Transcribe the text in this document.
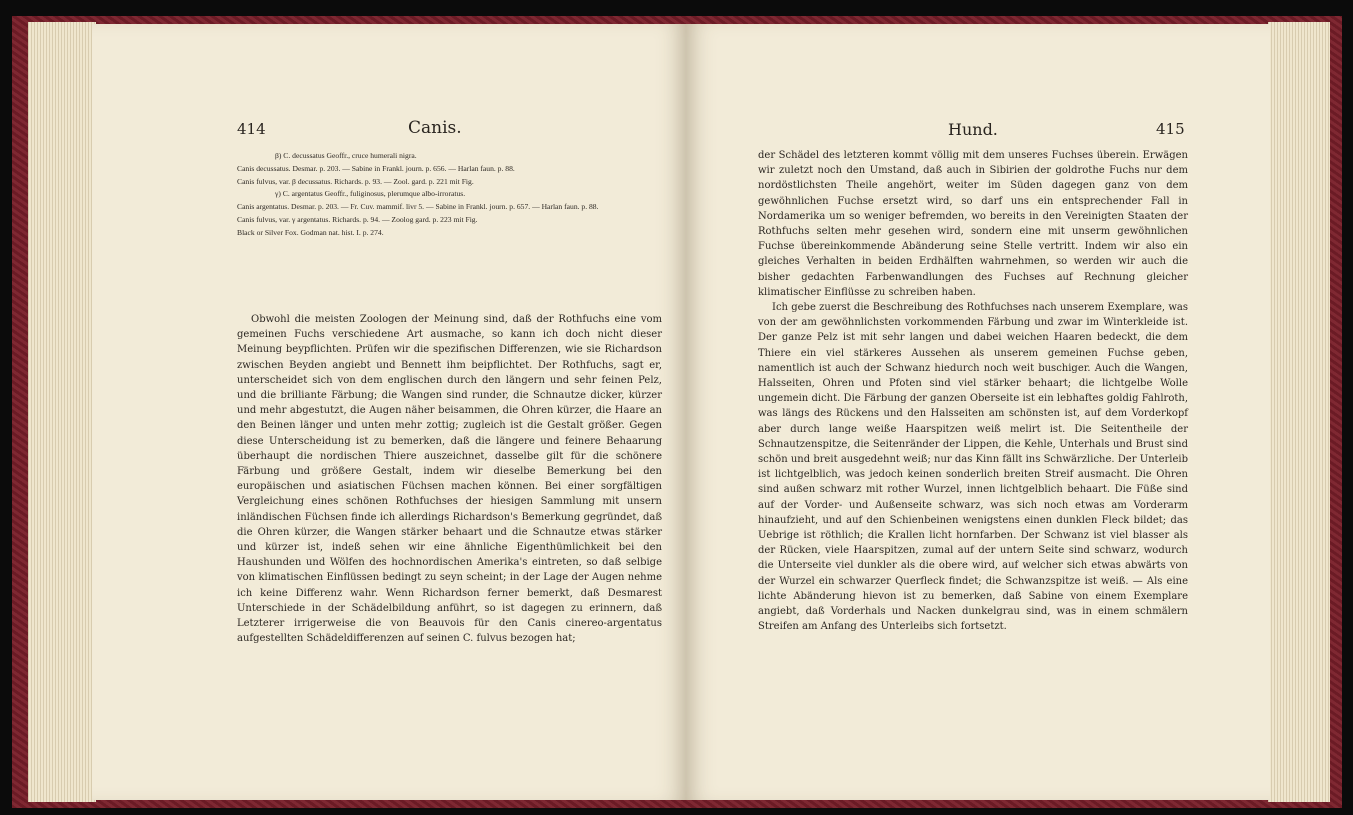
414	Canis.

β) C. decussatus Geoffr., cruce humerali nigra.

Canis decussatus. Desmar. p. 203. — Sabine in Frankl. journ. p. 656. — Harlan faun. p. 88.

Canis fulvus, var. β decussatus. Richards. p. 93. — Zool. gard. p. 221 mit Fig.

γ) C. argentatus Geoffr., fuliginosus, plerumque albo-irroratus.

Canis argentatus. Desmar. p. 203. — Fr. Cuv. mammif. livr 5. — Sabine in Frankl. journ. p. 657. — Harlan faun. p. 88.

Canis fulvus, var. γ argentatus. Richards. p. 94. — Zoolog gard. p. 223 mit Fig.

Black or Silver Fox. Godman nat. hist. I. p. 274.

Obwohl die meisten Zoologen der Meinung sind, daß der Rothfuchs eine vom gemeinen Fuchs verschiedene Art ausmache, so kann ich doch nicht dieser Meinung beypflichten. Prüfen wir die spezifischen Differenzen, wie sie Richardson zwischen Beyden angiebt und Bennett ihm beipflichtet. Der Rothfuchs, sagt er, unterscheidet sich von dem englischen durch den längern und sehr feinen Pelz, und die brilliante Färbung; die Wangen sind runder, die Schnautze dicker, kürzer und mehr abgestutzt, die Augen näher beisammen, die Ohren kürzer, die Haare an den Beinen länger und unten mehr zottig; zugleich ist die Gestalt größer. Gegen diese Unterscheidung ist zu bemerken, daß die längere und feinere Behaarung überhaupt die nordischen Thiere auszeichnet, dasselbe gilt für die schönere Färbung und größere Gestalt, indem wir dieselbe Bemerkung bei den europäischen und asiatischen Füchsen machen können. Bei einer sorgfältigen Vergleichung eines schönen Rothfuchses der hiesigen Sammlung mit unsern inländischen Füchsen finde ich allerdings Richardson's Bemerkung gegründet, daß die Ohren kürzer, die Wangen stärker behaart und die Schnautze etwas stärker und kürzer ist, indeß sehen wir eine ähnliche Eigenthümlichkeit bei den Haushunden und Wölfen des hochnordischen Amerika's eintreten, so daß selbige von klimatischen Einflüssen bedingt zu seyn scheint; in der Lage der Augen nehme ich keine Differenz wahr. Wenn Richardson ferner bemerkt, daß Desmarest Unterschiede in der Schädelbildung anführt, so ist dagegen zu erinnern, daß Letzterer irrigerweise die von Beauvois für den Canis cinereo-argentatus aufgestellten Schädeldifferenzen auf seinen C. fulvus bezogen hat;

Hund.	415

der Schädel des letzteren kommt völlig mit dem unseres Fuchses überein. Erwägen wir zuletzt noch den Umstand, daß auch in Sibirien der goldrothe Fuchs nur dem nordöstlichsten Theile angehört, weiter im Süden dagegen ganz von dem gewöhnlichen Fuchse ersetzt wird, so darf uns ein entsprechender Fall in Nordamerika um so weniger befremden, wo bereits in den Vereinigten Staaten der Rothfuchs selten mehr gesehen wird, sondern eine mit unserm gewöhnlichen Fuchse übereinkommende Abänderung seine Stelle vertritt. Indem wir also ein gleiches Verhalten in beiden Erdhälften wahrnehmen, so werden wir auch die bisher gedachten Farbenwandlungen des Fuchses auf Rechnung gleicher klimatischer Einflüsse zu schreiben haben.

Ich gebe zuerst die Beschreibung des Rothfuchses nach unserem Exemplare, was von der am gewöhnlichsten vorkommenden Färbung und zwar im Winterkleide ist. Der ganze Pelz ist mit sehr langen und dabei weichen Haaren bedeckt, die dem Thiere ein viel stärkeres Aussehen als unserem gemeinen Fuchse geben, namentlich ist auch der Schwanz hiedurch noch weit buschiger. Auch die Wangen, Halsseiten, Ohren und Pfoten sind viel stärker behaart; die lichtgelbe Wolle ungemein dicht. Die Färbung der ganzen Oberseite ist ein lebhaftes goldig Fahlroth, was längs des Rückens und den Halsseiten am schönsten ist, auf dem Vorderkopf aber durch lange weiße Haarspitzen weiß melirt ist. Die Seitentheile der Schnautzenspitze, die Seitenränder der Lippen, die Kehle, Unterhals und Brust sind schön und breit ausgedehnt weiß; nur das Kinn fällt ins Schwärzliche. Der Unterleib ist lichtgelblich, was jedoch keinen sonderlich breiten Streif ausmacht. Die Ohren sind außen schwarz mit rother Wurzel, innen lichtgelblich behaart. Die Füße sind auf der Vorder- und Außenseite schwarz, was sich noch etwas am Vorderarm hinaufzieht, und auf den Schienbeinen wenigstens einen dunklen Fleck bildet; das Uebrige ist röthlich; die Krallen licht hornfarben. Der Schwanz ist viel blasser als der Rücken, viele Haarspitzen, zumal auf der untern Seite sind schwarz, wodurch die Unterseite viel dunkler als die obere wird, auf welcher sich etwas abwärts von der Wurzel ein schwarzer Querfleck findet; die Schwanzspitze ist weiß. — Als eine lichte Abänderung hievon ist zu bemerken, daß Sabine von einem Exemplare angiebt, daß Vorderhals und Nacken dunkelgrau sind, was in einem schmälern Streifen am Anfang des Unterleibs sich fortsetzt.
